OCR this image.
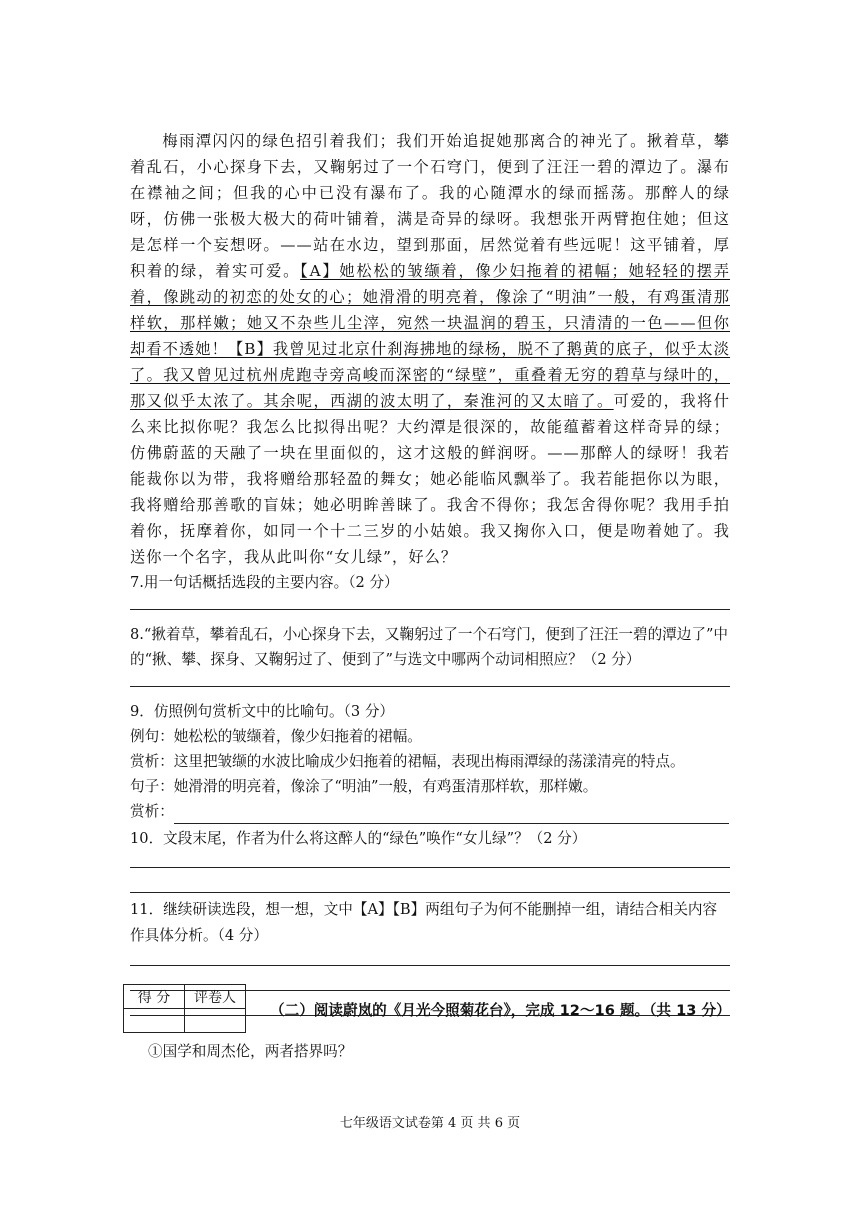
梅雨潭闪闪的绿色招引着我们；我们开始追捉她那离合的神光了。揪着草，攀着乱石，小心探身下去，又鞠躬过了一个石穹门，便到了汪汪一碧的潭边了。瀑布在襟袖之间；但我的心中已没有瀑布了。我的心随潭水的绿而摇荡。那醉人的绿呀，仿佛一张极大极大的荷叶铺着，满是奇异的绿呀。我想张开两臂抱住她；但这是怎样一个妄想呀。——站在水边，望到那面，居然觉着有些远呢！这平铺着，厚积着的绿，着实可爱。【A】她松松的皱缬着，像少妇拖着的裙幅；她轻轻的摆弄着，像跳动的初恋的处女的心；她滑滑的明亮着，像涂了“明油”一般，有鸡蛋清那样软，那样嫩；她又不杂些儿尘滓，宛然一块温润的碧玉，只清清的一色——但你却看不透她！【B】我曾见过北京什刹海拂地的绿杨，脱不了鹅黄的底子，似乎太淡了。我又曾见过杭州虎跑寺旁高峻而深密的“绿壁”，重叠着无穷的碧草与绿叶的，那又似乎太浓了。其余呢，西湖的波太明了，秦淮河的又太暗了。可爱的，我将什么来比拟你呢？我怎么比拟得出呢？大约潭是很深的，故能蕴蓄着这样奇异的绿；仿佛蔚蓝的天融了一块在里面似的，这才这般的鲜润呀。——那醉人的绿呀！我若能裁你以为带，我将赠给那轻盈的舞女；她必能临风飘举了。我若能挹你以为眼，我将赠给那善歌的盲妹；她必明眸善睐了。我舍不得你；我怎舍得你呢？我用手拍着你，抚摩着你，如同一个十二三岁的小姑娘。我又掬你入口，便是吻着她了。我送你一个名字，我从此叫你“女儿绿”，好么？

7.用一句话概括选段的主要内容。（2 分）

8.“揪着草，攀着乱石，小心探身下去，又鞠躬过了一个石穹门，便到了汪汪一碧的潭边了”中的“揪、攀、探身、又鞠躬过了、便到了”与选文中哪两个动词相照应？（2 分）

9．仿照例句赏析文中的比喻句。（3 分）

例句：她松松的皱缬着，像少妇拖着的裙幅。

赏析：这里把皱缬的水波比喻成少妇拖着的裙幅，表现出梅雨潭绿的荡漾清亮的特点。

句子：她滑滑的明亮着，像涂了“明油”一般，有鸡蛋清那样软，那样嫩。

赏析：

10．文段末尾，作者为什么将这醉人的“绿色”唤作“女儿绿”？（2 分）

11．继续研读选段，想一想，文中【A】【B】两组句子为何不能删掉一组，请结合相关内容作具体分析。（4 分）

得 分	评卷人

（二）阅读蔚岚的《月光今照菊花台》，完成 12～16 题。（共 13 分）
①国学和周杰伦，两者搭界吗？
七年级语文试卷第 4 页 共 6 页
